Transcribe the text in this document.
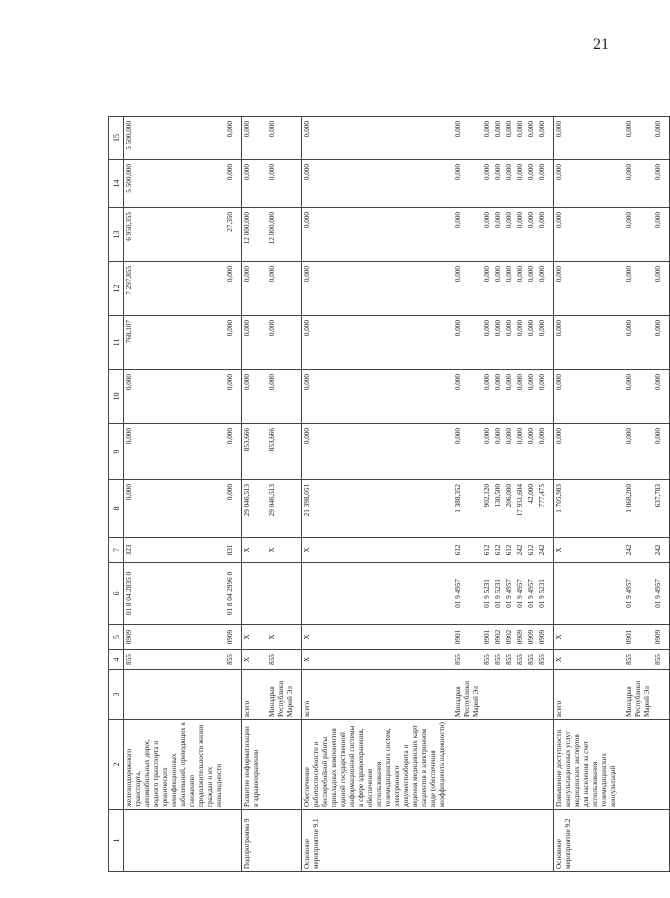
21
1	2	3	4	5	6	7	8	9	10	11	12	13	14	15
	железнодорожного транспорта, автомобильных дорог, водного транспорта и хронических неинфекционных заболеваний, приводящих к снижению продолжительности жизни граждан и их инвалидности		855	0909	01 8 04 2835 0	323	0,000	0,000	0,000	768,107	7 297,855	6 950,355	5 500,000	5 500,000
			855	0909	01 8 04 2996 0	831	0,000	0,000	0,000	0,000	0,000	27,350	0,000	0,000

Подпрограмма 9	Развитие информатизации в здравоохранении	всего	X	X		X	29 046,513	853,666	0,000	0,000	0,000	12 000,000	0,000	0,000

		Минздрав Республики Марий Эл	855	X		X	29 046,513	853,666	0,000	0,000	0,000	12 000,000	0,000	0,000

Основное мероприятие 9.1	Обеспечение работоспособности и бесперебойной работы прикладных компонентов единой государственной информационной системы в сфере здравоохранения, обеспечение использования телемедицинских систем, электронного документооборота и ведения медицинских карт пациентов в электронном виде (обеспечения коэффициента надежности)	всего	X	X		X	21 398,051	0,000	0,000	0,000	0,000	0,000	0,000	0,000

		Минздрав Республики Марий Эл	855	0901	01 9 4957	612	1 388,352	0,000	0,000	0,000	0,000	0,000	0,000	0,000
			855	0901	01 9 5231	612	902,120	0,000	0,000	0,000	0,000	0,000	0,000	0,000
			855	0902	01 9 5231	612	130,500	0,000	0,000	0,000	0,000	0,000	0,000	0,000
			855	0902	01 9 4957	612	206,000	0,000	0,000	0,000	0,000	0,000	0,000	0,000
			855	0909	01 9 4957	242	17 951,604	0,000	0,000	0,000	0,000	0,000	0,000	0,000
			855	0909	01 9 4957	612	42,000	0,000	0,000	0,000	0,000	0,000	0,000	0,000
			855	0909	01 9 5231	242	777,475	0,000	0,000	0,000	0,000	0,000	0,000	0,000

Основное мероприятие 9.2	Повышение доступности консультационных услуг медицинских экспертов для населения за счет использования телемедицинских консультаций	всего	X	X		X	1 705,983	0,000	0,000	0,000	0,000	0,000	0,000	0,000

		Минздрав Республики Марий Эл	855	0901	01 9 4957	242	1 068,200	0,000	0,000	0,000	0,000	0,000	0,000	0,000
			855	0909	01 9 4957	242	637,783	0,000	0,000	0,000	0,000	0,000	0,000	0,000
